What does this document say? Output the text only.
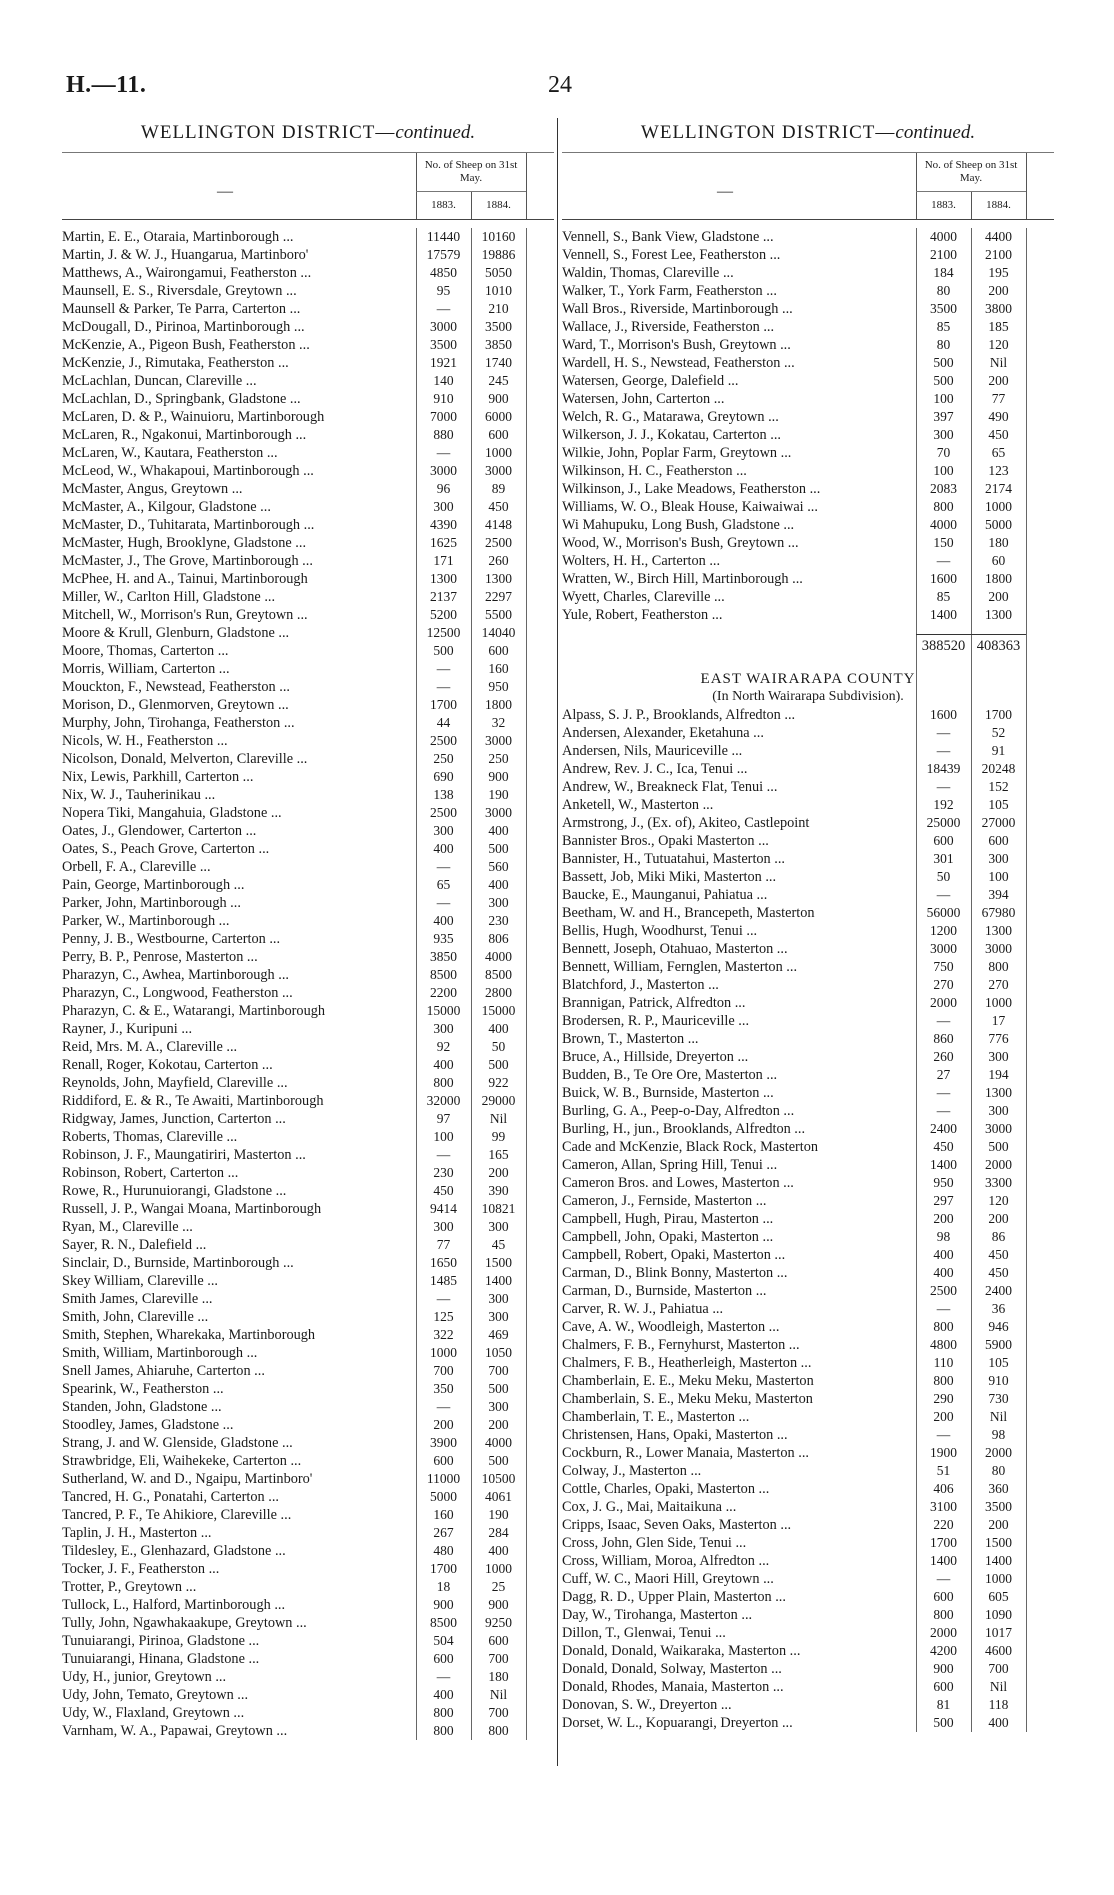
H.—11.	24
WELLINGTON DISTRICT—continued.
—
No. of Sheep on 31st May.
1883.	1884.
Martin, E. E., Otaraia, Martinborough ...	11440	10160
Martin, J. & W. J., Huangarua, Martinboro'	17579	19886
Matthews, A., Wairongamui, Featherston ...	4850	5050
Maunsell, E. S., Riversdale, Greytown ...	95	1010
Maunsell & Parker, Te Parra, Carterton ...	—	210
McDougall, D., Pirinoa, Martinborough ...	3000	3500
McKenzie, A., Pigeon Bush, Featherston ...	3500	3850
McKenzie, J., Rimutaka, Featherston ...	1921	1740
McLachlan, Duncan, Clareville ...	140	245
McLachlan, D., Springbank, Gladstone ...	910	900
McLaren, D. & P., Wainuioru, Martinborough	7000	6000
McLaren, R., Ngakonui, Martinborough ...	880	600
McLaren, W., Kautara, Featherston ...	—	1000
McLeod, W., Whakapoui, Martinborough ...	3000	3000
McMaster, Angus, Greytown ...	96	89
McMaster, A., Kilgour, Gladstone ...	300	450
McMaster, D., Tuhitarata, Martinborough ...	4390	4148
McMaster, Hugh, Brooklyne, Gladstone ...	1625	2500
McMaster, J., The Grove, Martinborough ...	171	260
McPhee, H. and A., Tainui, Martinborough	1300	1300
Miller, W., Carlton Hill, Gladstone ...	2137	2297
Mitchell, W., Morrison's Run, Greytown ...	5200	5500
Moore & Krull, Glenburn, Gladstone ...	12500	14040
Moore, Thomas, Carterton ...	500	600
Morris, William, Carterton ...	—	160
Mouckton, F., Newstead, Featherston ...	—	950
Morison, D., Glenmorven, Greytown ...	1700	1800
Murphy, John, Tirohanga, Featherston ...	44	32
Nicols, W. H., Featherston ...	2500	3000
Nicolson, Donald, Melverton, Clareville ...	250	250
Nix, Lewis, Parkhill, Carterton ...	690	900
Nix, W. J., Tauherinikau ...	138	190
Nopera Tiki, Mangahuia, Gladstone ...	2500	3000
Oates, J., Glendower, Carterton ...	300	400
Oates, S., Peach Grove, Carterton ...	400	500
Orbell, F. A., Clareville ...	—	560
Pain, George, Martinborough ...	65	400
Parker, John, Martinborough ...	—	300
Parker, W., Martinborough ...	400	230
Penny, J. B., Westbourne, Carterton ...	935	806
Perry, B. P., Penrose, Masterton ...	3850	4000
Pharazyn, C., Awhea, Martinborough ...	8500	8500
Pharazyn, C., Longwood, Featherston ...	2200	2800
Pharazyn, C. & E., Watarangi, Martinborough	15000	15000
Rayner, J., Kuripuni ...	300	400
Reid, Mrs. M. A., Clareville ...	92	50
Renall, Roger, Kokotau, Carterton ...	400	500
Reynolds, John, Mayfield, Clareville ...	800	922
Riddiford, E. & R., Te Awaiti, Martinborough	32000	29000
Ridgway, James, Junction, Carterton ...	97	Nil
Roberts, Thomas, Clareville ...	100	99
Robinson, J. F., Maungatiriri, Masterton ...	—	165
Robinson, Robert, Carterton ...	230	200
Rowe, R., Hurunuiorangi, Gladstone ...	450	390
Russell, J. P., Wangai Moana, Martinborough	9414	10821
Ryan, M., Clareville ...	300	300
Sayer, R. N., Dalefield ...	77	45
Sinclair, D., Burnside, Martinborough ...	1650	1500
Skey William, Clareville ...	1485	1400
Smith James, Clareville ...	—	300
Smith, John, Clareville ...	125	300
Smith, Stephen, Wharekaka, Martinborough	322	469
Smith, William, Martinborough ...	1000	1050
Snell James, Ahiaruhe, Carterton ...	700	700
Spearink, W., Featherston ...	350	500
Standen, John, Gladstone ...	—	300
Stoodley, James, Gladstone ...	200	200
Strang, J. and W. Glenside, Gladstone ...	3900	4000
Strawbridge, Eli, Waihekeke, Carterton ...	600	500
Sutherland, W. and D., Ngaipu, Martinboro'	11000	10500
Tancred, H. G., Ponatahi, Carterton ...	5000	4061
Tancred, P. F., Te Ahikiore, Clareville ...	160	190
Taplin, J. H., Masterton ...	267	284
Tildesley, E., Glenhazard, Gladstone ...	480	400
Tocker, J. F., Featherston ...	1700	1000
Trotter, P., Greytown ...	18	25
Tullock, L., Halford, Martinborough ...	900	900
Tully, John, Ngawhakaakupe, Greytown ...	8500	9250
Tunuiarangi, Pirinoa, Gladstone ...	504	600
Tunuiarangi, Hinana, Gladstone ...	600	700
Udy, H., junior, Greytown ...	—	180
Udy, John, Temato, Greytown ...	400	Nil
Udy, W., Flaxland, Greytown ...	800	700
Varnham, W. A., Papawai, Greytown ...	800	800
WELLINGTON DISTRICT—continued.
—
No. of Sheep on 31st May.
1883.	1884.
Vennell, S., Bank View, Gladstone ...	4000	4400
Vennell, S., Forest Lee, Featherston ...	2100	2100
Waldin, Thomas, Clareville ...	184	195
Walker, T., York Farm, Featherston ...	80	200
Wall Bros., Riverside, Martinborough ...	3500	3800
Wallace, J., Riverside, Featherston ...	85	185
Ward, T., Morrison's Bush, Greytown ...	80	120
Wardell, H. S., Newstead, Featherston ...	500	Nil
Watersen, George, Dalefield ...	500	200
Watersen, John, Carterton ...	100	77
Welch, R. G., Matarawa, Greytown ...	397	490
Wilkerson, J. J., Kokatau, Carterton ...	300	450
Wilkie, John, Poplar Farm, Greytown ...	70	65
Wilkinson, H. C., Featherston ...	100	123
Wilkinson, J., Lake Meadows, Featherston ...	2083	2174
Williams, W. O., Bleak House, Kaiwaiwai ...	800	1000
Wi Mahupuku, Long Bush, Gladstone ...	4000	5000
Wood, W., Morrison's Bush, Greytown ...	150	180
Wolters, H. H., Carterton ...	—	60
Wratten, W., Birch Hill, Martinborough ...	1600	1800
Wyett, Charles, Clareville ...	85	200
Yule, Robert, Featherston ...	1400	1300
388520 408363
EAST WAIRARAPA COUNTY
(In North Wairarapa Subdivision).
Alpass, S. J. P., Brooklands, Alfredton ...	1600	1700
Andersen, Alexander, Eketahuna ...	—	52
Andersen, Nils, Mauriceville ...	—	91
Andrew, Rev. J. C., Ica, Tenui ...	18439	20248
Andrew, W., Breakneck Flat, Tenui ...	—	152
Anketell, W., Masterton ...	192	105
Armstrong, J., (Ex. of), Akiteo, Castlepoint	25000	27000
Bannister Bros., Opaki Masterton ...	600	600
Bannister, H., Tutuatahui, Masterton ...	301	300
Bassett, Job, Miki Miki, Masterton ...	50	100
Baucke, E., Maunganui, Pahiatua ...	—	394
Beetham, W. and H., Brancepeth, Masterton	56000	67980
Bellis, Hugh, Woodhurst, Tenui ...	1200	1300
Bennett, Joseph, Otahuao, Masterton ...	3000	3000
Bennett, William, Fernglen, Masterton ...	750	800
Blatchford, J., Masterton ...	270	270
Brannigan, Patrick, Alfredton ...	2000	1000
Brodersen, R. P., Mauriceville ...	—	17
Brown, T., Masterton ...	860	776
Bruce, A., Hillside, Dreyerton ...	260	300
Budden, B., Te Ore Ore, Masterton ...	27	194
Buick, W. B., Burnside, Masterton ...	—	1300
Burling, G. A., Peep-o-Day, Alfredton ...	—	300
Burling, H., jun., Brooklands, Alfredton ...	2400	3000
Cade and McKenzie, Black Rock, Masterton	450	500
Cameron, Allan, Spring Hill, Tenui ...	1400	2000
Cameron Bros. and Lowes, Masterton ...	950	3300
Cameron, J., Fernside, Masterton ...	297	120
Campbell, Hugh, Pirau, Masterton ...	200	200
Campbell, John, Opaki, Masterton ...	98	86
Campbell, Robert, Opaki, Masterton ...	400	450
Carman, D., Blink Bonny, Masterton ...	400	450
Carman, D., Burnside, Masterton ...	2500	2400
Carver, R. W. J., Pahiatua ...	—	36
Cave, A. W., Woodleigh, Masterton ...	800	946
Chalmers, F. B., Fernyhurst, Masterton ...	4800	5900
Chalmers, F. B., Heatherleigh, Masterton ...	110	105
Chamberlain, E. E., Meku Meku, Masterton	800	910
Chamberlain, S. E., Meku Meku, Masterton	290	730
Chamberlain, T. E., Masterton ...	200	Nil
Christensen, Hans, Opaki, Masterton ...	—	98
Cockburn, R., Lower Manaia, Masterton ...	1900	2000
Colway, J., Masterton ...	51	80
Cottle, Charles, Opaki, Masterton ...	406	360
Cox, J. G., Mai, Maitaikuna ...	3100	3500
Cripps, Isaac, Seven Oaks, Masterton ...	220	200
Cross, John, Glen Side, Tenui ...	1700	1500
Cross, William, Moroa, Alfredton ...	1400	1400
Cuff, W. C., Maori Hill, Greytown ...	—	1000
Dagg, R. D., Upper Plain, Masterton ...	600	605
Day, W., Tirohanga, Masterton ...	800	1090
Dillon, T., Glenwai, Tenui ...	2000	1017
Donald, Donald, Waikaraka, Masterton ...	4200	4600
Donald, Donald, Solway, Masterton ...	900	700
Donald, Rhodes, Manaia, Masterton ...	600	Nil
Donovan, S. W., Dreyerton ...	81	118
Dorset, W. L., Kopuarangi, Dreyerton ...	500	400
